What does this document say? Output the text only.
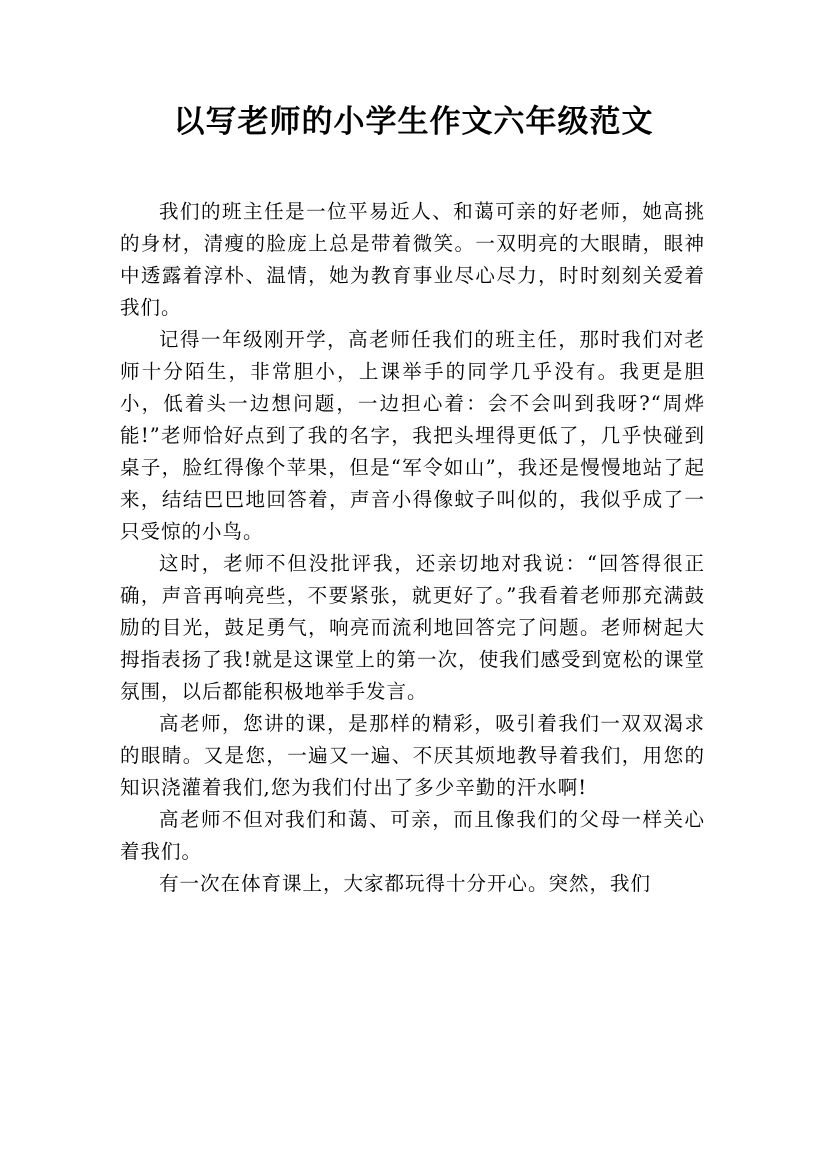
以写老师的小学生作文六年级范文

我们的班主任是一位平易近人、和蔼可亲的好老师，她高挑的身材，清瘦的脸庞上总是带着微笑。一双明亮的大眼睛，眼神中透露着淳朴、温情，她为教育事业尽心尽力，时时刻刻关爱着我们。

记得一年级刚开学，高老师任我们的班主任，那时我们对老师十分陌生，非常胆小，上课举手的同学几乎没有。我更是胆小，低着头一边想问题，一边担心着：会不会叫到我呀?“周烨能!”老师恰好点到了我的名字，我把头埋得更低了，几乎快碰到桌子，脸红得像个苹果，但是“军令如山”，我还是慢慢地站了起来，结结巴巴地回答着，声音小得像蚊子叫似的，我似乎成了一只受惊的小鸟。

这时，老师不但没批评我，还亲切地对我说：“回答得很正确，声音再响亮些，不要紧张，就更好了。”我看着老师那充满鼓励的目光，鼓足勇气，响亮而流利地回答完了问题。老师树起大拇指表扬了我!就是这课堂上的第一次，使我们感受到宽松的课堂氛围，以后都能积极地举手发言。

高老师，您讲的课，是那样的精彩，吸引着我们一双双渴求的眼睛。又是您，一遍又一遍、不厌其烦地教导着我们，用您的知识浇灌着我们,您为我们付出了多少辛勤的汗水啊!

高老师不但对我们和蔼、可亲，而且像我们的父母一样关心着我们。

有一次在体育课上，大家都玩得十分开心。突然，我们
